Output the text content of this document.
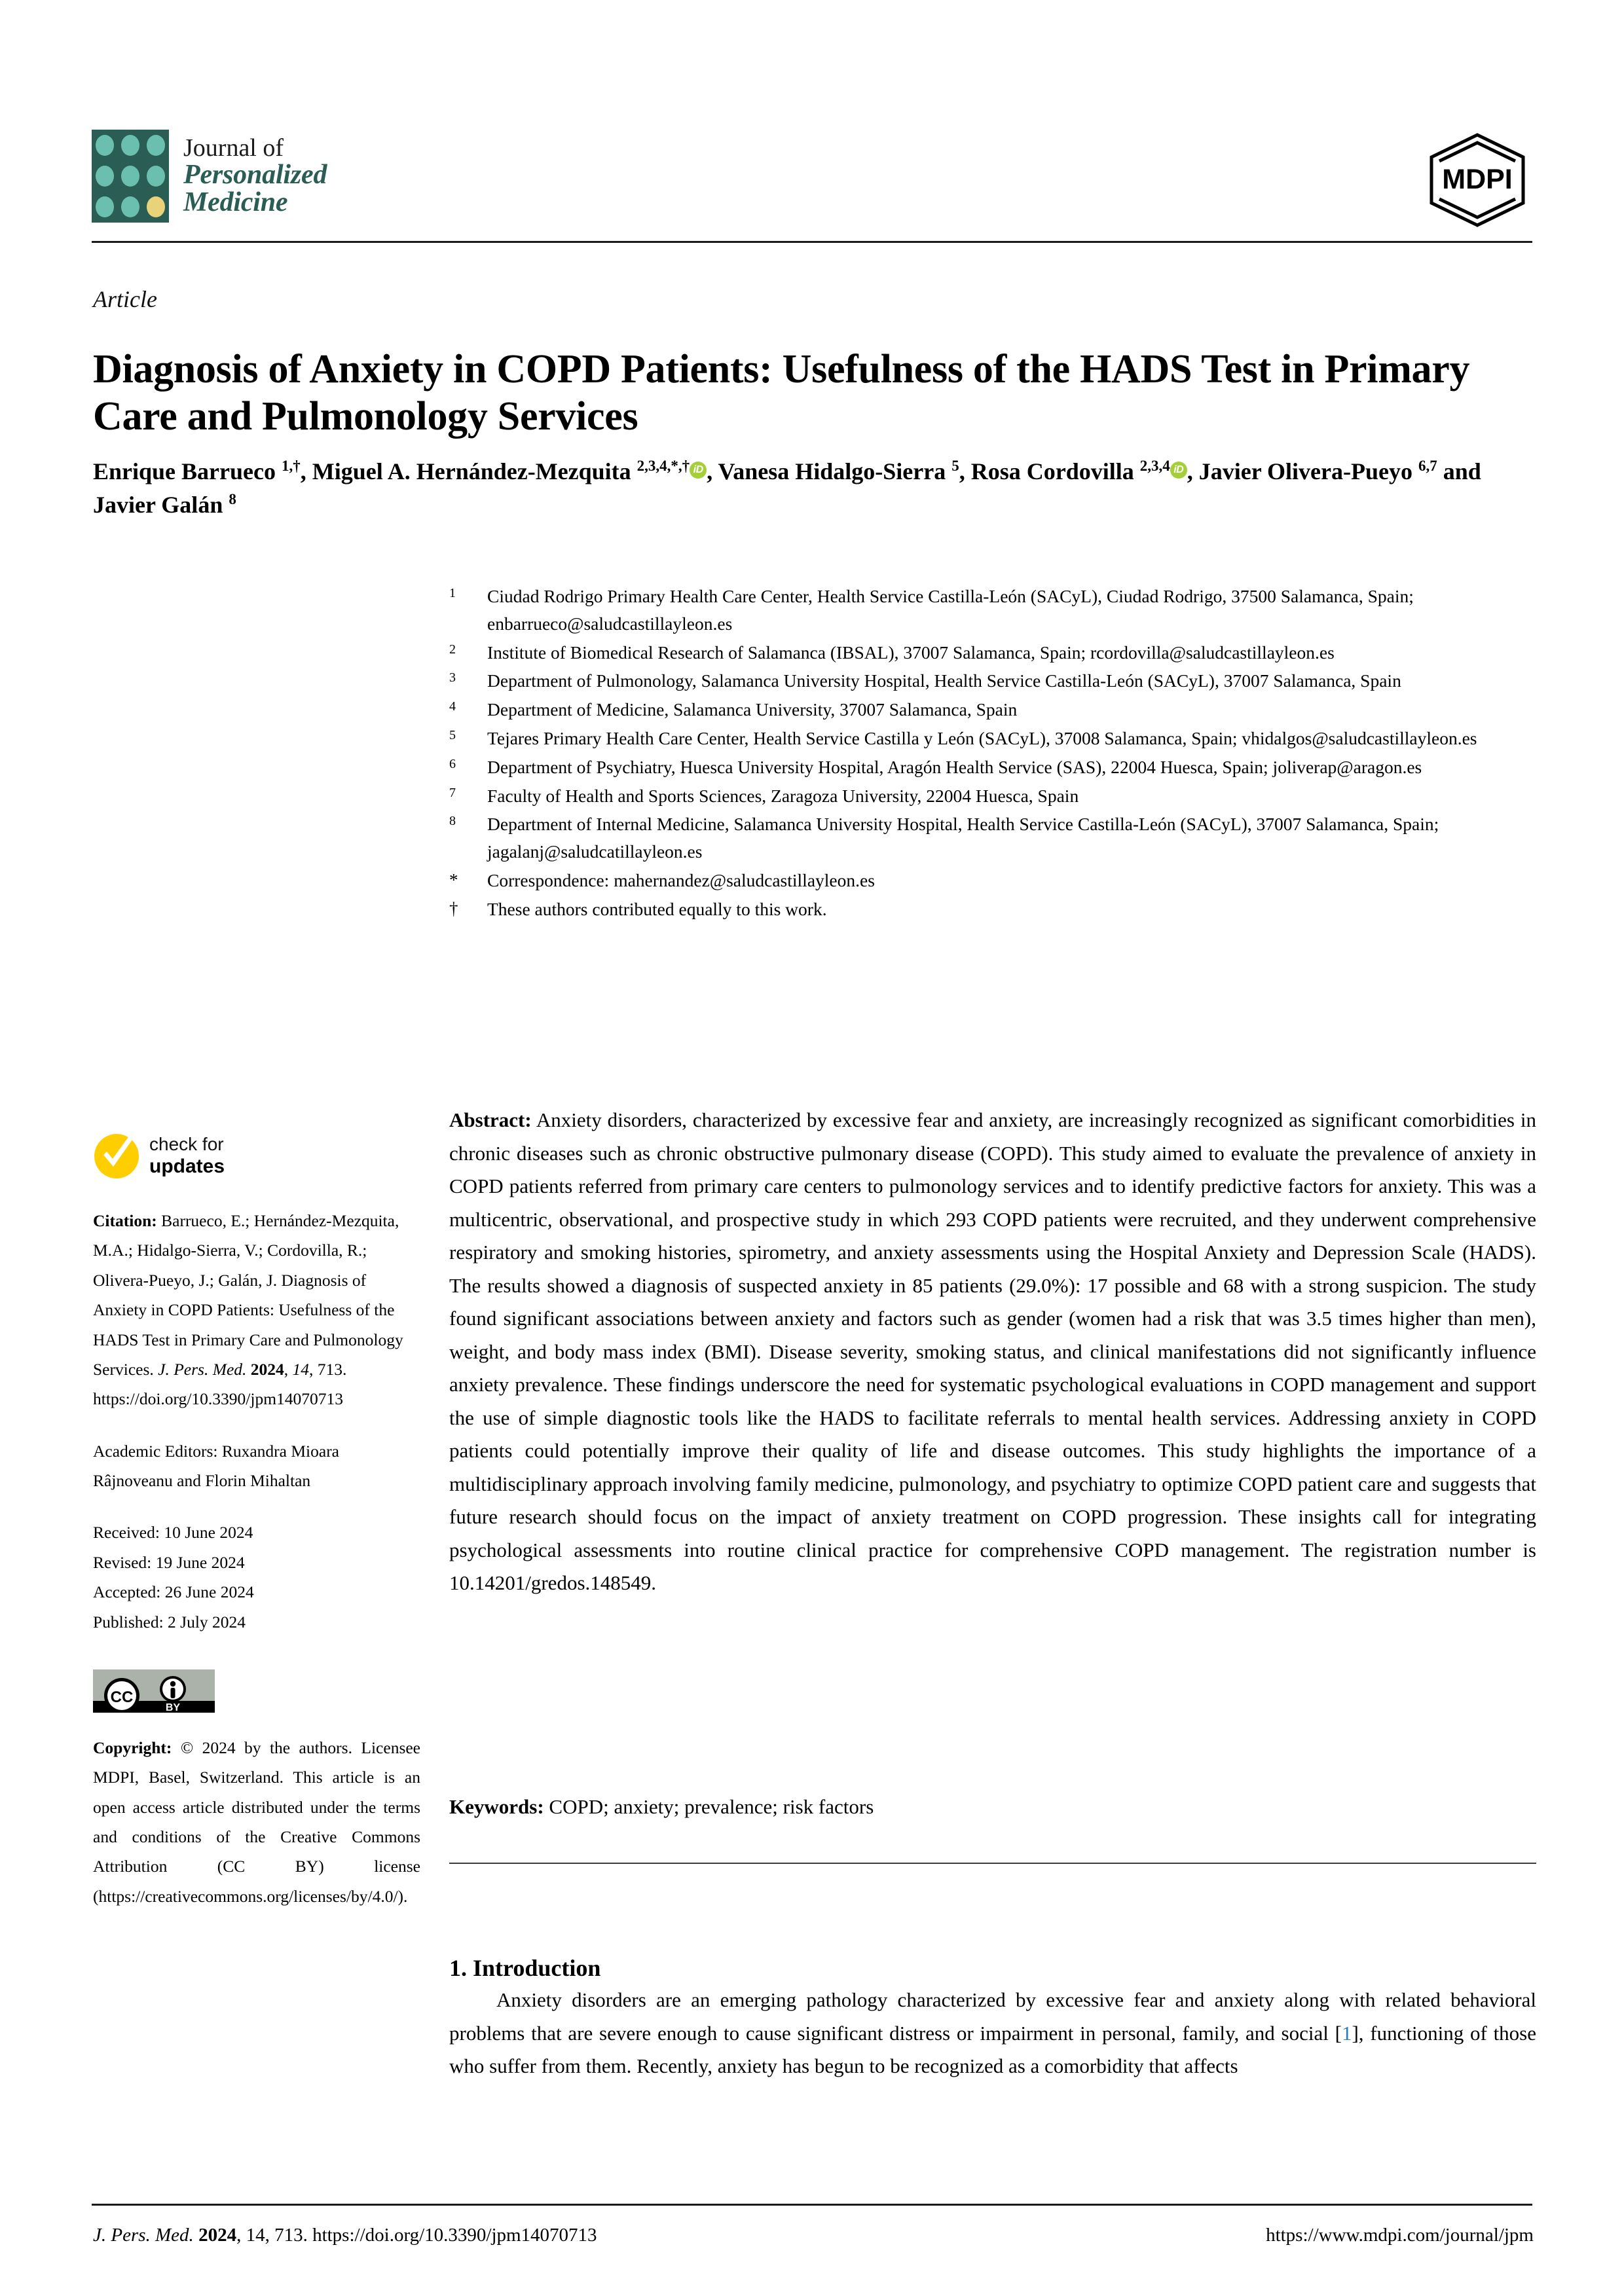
Journal of
Personalized
Medicine
MDPI
Article
Diagnosis of Anxiety in COPD Patients: Usefulness of the HADS Test in Primary Care and Pulmonology Services
Enrique Barrueco $^{1,\dagger}$, Miguel A. Hernández-Mezquita $^{2,3,4,*,\dagger}$ iD , Vanesa Hidalgo-Sierra $^5$, Rosa Cordovilla $^{2,3,4}$ iD , Javier Olivera-Pueyo $^{6,7}$ and Javier Galán $^8$
1	Ciudad Rodrigo Primary Health Care Center, Health Service Castilla-León (SACyL), Ciudad Rodrigo, 37500 Salamanca, Spain; enbarrueco@saludcastillayleon.es
2	Institute of Biomedical Research of Salamanca (IBSAL), 37007 Salamanca, Spain; rcordovilla@saludcastillayleon.es
3	Department of Pulmonology, Salamanca University Hospital, Health Service Castilla-León (SACyL), 37007 Salamanca, Spain
4	Department of Medicine, Salamanca University, 37007 Salamanca, Spain
5	Tejares Primary Health Care Center, Health Service Castilla y León (SACyL), 37008 Salamanca, Spain; vhidalgos@saludcastillayleon.es
6	Department of Psychiatry, Huesca University Hospital, Aragón Health Service (SAS), 22004 Huesca, Spain; joliverap@aragon.es
7	Faculty of Health and Sports Sciences, Zaragoza University, 22004 Huesca, Spain
8	Department of Internal Medicine, Salamanca University Hospital, Health Service Castilla-León (SACyL), 37007 Salamanca, Spain; jagalanj@saludcatillayleon.es
*	Correspondence: mahernandez@saludcastillayleon.es
†	These authors contributed equally to this work.
check for
updates
Citation: Barrueco, E.; Hernández-Mezquita, M.A.; Hidalgo-Sierra, V.; Cordovilla, R.; Olivera-Pueyo, J.; Galán, J. Diagnosis of Anxiety in COPD Patients: Usefulness of the HADS Test in Primary Care and Pulmonology Services. J. Pers. Med. 2024, 14, 713. https://doi.org/10.3390/jpm14070713
Academic Editors: Ruxandra Mioara Râjnoveanu and Florin Mihaltan
Received: 10 June 2024
Revised: 19 June 2024
Accepted: 26 June 2024
Published: 2 July 2024
CC
BY
Copyright: © 2024 by the authors. Licensee MDPI, Basel, Switzerland. This article is an open access article distributed under the terms and conditions of the Creative Commons Attribution (CC BY) license (https://creativecommons.org/licenses/by/4.0/).
Abstract: Anxiety disorders, characterized by excessive fear and anxiety, are increasingly recognized as significant comorbidities in chronic diseases such as chronic obstructive pulmonary disease (COPD). This study aimed to evaluate the prevalence of anxiety in COPD patients referred from primary care centers to pulmonology services and to identify predictive factors for anxiety. This was a multicentric, observational, and prospective study in which 293 COPD patients were recruited, and they underwent comprehensive respiratory and smoking histories, spirometry, and anxiety assessments using the Hospital Anxiety and Depression Scale (HADS). The results showed a diagnosis of suspected anxiety in 85 patients (29.0%): 17 possible and 68 with a strong suspicion. The study found significant associations between anxiety and factors such as gender (women had a risk that was 3.5 times higher than men), weight, and body mass index (BMI). Disease severity, smoking status, and clinical manifestations did not significantly influence anxiety prevalence. These findings underscore the need for systematic psychological evaluations in COPD management and support the use of simple diagnostic tools like the HADS to facilitate referrals to mental health services. Addressing anxiety in COPD patients could potentially improve their quality of life and disease outcomes. This study highlights the importance of a multidisciplinary approach involving family medicine, pulmonology, and psychiatry to optimize COPD patient care and suggests that future research should focus on the impact of anxiety treatment on COPD progression. These insights call for integrating psychological assessments into routine clinical practice for comprehensive COPD management. The registration number is 10.14201/gredos.148549.
Keywords: COPD; anxiety; prevalence; risk factors
1. Introduction
Anxiety disorders are an emerging pathology characterized by excessive fear and anxiety along with related behavioral problems that are severe enough to cause significant distress or impairment in personal, family, and social [1], functioning of those who suffer from them. Recently, anxiety has begun to be recognized as a comorbidity that affects
J. Pers. Med. 2024, 14, 713. https://doi.org/10.3390/jpm14070713	https://www.mdpi.com/journal/jpm
